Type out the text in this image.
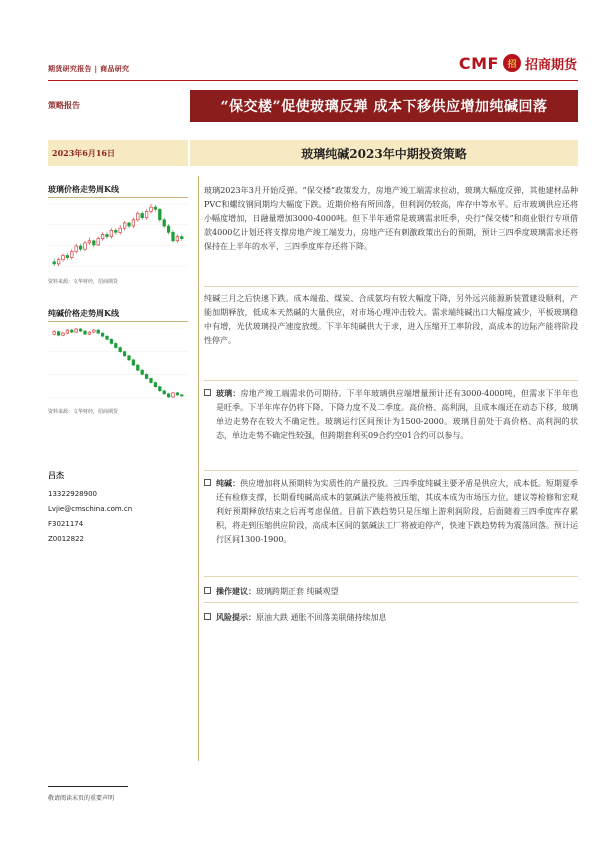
期货研究报告 | 商品研究	CMF 招 招商期货
策略报告	“保交楼”促使玻璃反弹 成本下移供应增加纯碱回落
2023年6月16日	玻璃纯碱2023年中期投资策略
玻璃价格走势周K线
资料来源：文华财经，招商期货
纯碱价格走势周K线
资料来源：文华财经，招商期货
吕杰
13322928900
Lvjie@cmschina.com.cn
F3021174
Z0012822

玻璃2023年3月开始反弹。“保交楼”政策发力，房地产竣工端需求拉动，玻璃大幅度反弹，其他建材品种PVC和螺纹钢同期均大幅度下跌。近期价格有所回落，但利润仍较高，库存中等水平。后市玻璃供应还将小幅度增加，日融量增加3000-4000吨。但下半年通常是玻璃需求旺季，央行“保交楼”和商业银行专项借款4000亿计划还将支撑房地产竣工端发力，房地产还有刺激政策出台的预期，预计三四季度玻璃需求还将保持在上半年的水平，三四季度库存还将下降。

纯碱三月之后快速下跌。成本端盐、煤炭、合成氨均有较大幅度下降，另外远兴能源新装置建设顺利，产能加期释放，低成本天然碱的大量供应，对市场心理冲击较大。需求端纯碱出口大幅度减少，平板玻璃稳中有增，光伏玻璃投产速度放缓。下半年纯碱供大于求，进入压缩开工率阶段，高成本的边际产能将阶段性停产。

玻璃：房地产竣工端需求仍可期待。下半年玻璃供应端增量预计还有3000-4000吨，但需求下半年也是旺季。下半年库存仍将下降，下降力度不及二季度。高价格、高利润，且成本端还在动态下移，玻璃单边走势存在较大不确定性。玻璃运行区间预计为1500-2000。玻璃目前处于高价格、高利润的状态，单边走势不确定性较强，但跨期套利买09合约空01合约可以参与。
纯碱：供应增加将从预期转为实质性的产量投放。三四季度纯碱主要矛盾是供应大，成本低。短期夏季还有检修支撑，长期看纯碱高成本的氨碱法产能将被压缩，其成本成为市场压力位。建议等检修和宏观利好预期释放结束之后再考虑保值。目前下跌趋势只是压缩上游利润阶段，后面随着三四季度库存累积，将走到压缩供应阶段，高成本区间的氨碱法工厂将被迫停产，快速下跌趋势转为震荡回落。预计运行区间1300-1900。
操作建议：玻璃跨期正套 纯碱观望
风险提示：原油大跌 通胀不回落美联储持续加息
敬请阅读末页的重要声明
